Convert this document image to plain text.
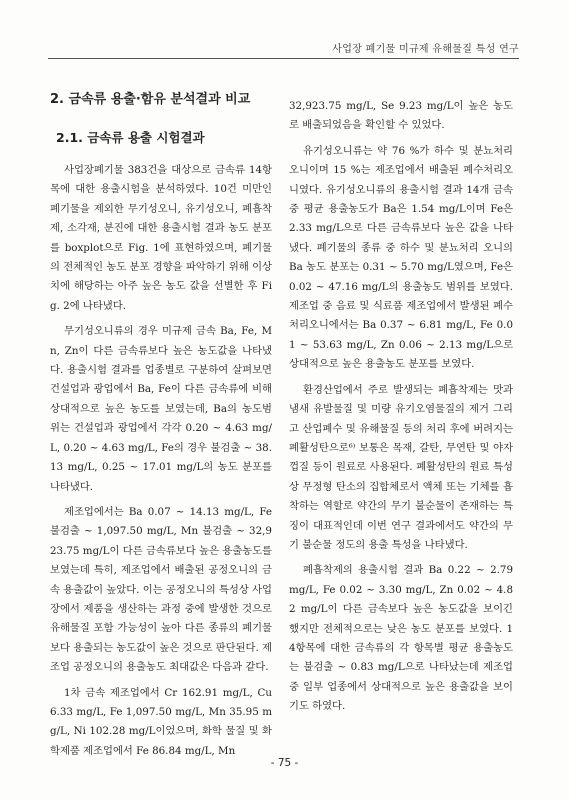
사업장 폐기물 미규제 유해물질 특성 연구
2. 금속류 용출·함유 분석결과 비교
2.1. 금속류 용출 시험결과

사업장폐기물 383건을 대상으로 금속류 14항목에 대한 용출시험을 분석하였다. 10건 미만인 폐기물을 제외한 무기성오니, 유기성오니, 폐흡착제, 소각재, 분진에 대한 용출시험 결과 농도 분포를 boxplot으로 Fig. 1에 표현하였으며, 폐기물의 전체적인 농도 분포 경향을 파악하기 위해 이상치에 해당하는 아주 높은 농도 값을 선별한 후 Fig. 2에 나타냈다.

무기성오니류의 경우 미규제 금속 Ba, Fe, Mn, Zn이 다른 금속류보다 높은 농도값을 나타냈다. 용출시험 결과를 업종별로 구분하여 살펴보면 건설업과 광업에서 Ba, Fe이 다른 금속류에 비해 상대적으로 높은 농도를 보였는데, Ba의 농도범위는 건설업과 광업에서 각각 0.20 ~ 4.63 mg/L, 0.20 ~ 4.63 mg/L, Fe의 경우 불검출 ~ 38.13 mg/L, 0.25 ~ 17.01 mg/L의 농도 분포를 나타냈다.

제조업에서는 Ba 0.07 ~ 14.13 mg/L, Fe 불검출 ~ 1,097.50 mg/L, Mn 불검출 ~ 32,923.75 mg/L이 다른 금속류보다 높은 용출농도를 보였는데 특히, 제조업에서 배출된 공정오니의 금속 용출값이 높았다. 이는 공정오니의 특성상 사업장에서 제품을 생산하는 과정 중에 발생한 것으로 유해물질 포함 가능성이 높아 다른 종류의 폐기물보다 용출되는 농도값이 높은 것으로 판단된다. 제조업 공정오니의 용출농도 최대값은 다음과 같다.

1차 금속 제조업에서 Cr 162.91 mg/L, Cu 6.33 mg/L, Fe 1,097.50 mg/L, Mn 35.95 mg/L, Ni 102.28 mg/L이었으며, 화학 물질 및 화학제품 제조업에서 Fe 86.84 mg/L, Mn

32,923.75 mg/L, Se 9.23 mg/L이 높은 농도로 배출되었음을 확인할 수 있었다.

유기성오니류는 약 76 %가 하수 및 분뇨처리 오니이며 15 %는 제조업에서 배출된 폐수처리오니였다. 유기성오니류의 용출시험 결과 14개 금속 중 평균 용출농도가 Ba은 1.54 mg/L이며 Fe은 2.33 mg/L으로 다른 금속류보다 높은 값을 나타냈다. 폐기물의 종류 중 하수 및 분뇨처리 오니의 Ba 농도 분포는 0.31 ~ 5.70 mg/L였으며, Fe은 0.02 ~ 47.16 mg/L의 용출농도 범위를 보였다. 제조업 중 음료 및 식료품 제조업에서 발생된 폐수처리오니에서는 Ba 0.37 ~ 6.81 mg/L, Fe 0.01 ~ 53.63 mg/L, Zn 0.06 ~ 2.13 mg/L으로 상대적으로 높은 용출농도 분포를 보였다.

환경산업에서 주로 발생되는 폐흡착제는 맛과 냄새 유발물질 및 미량 유기오염물질의 제거 그리고 산업폐수 및 유해물질 등의 처리 후에 버려지는 폐활성탄으로⁶⁾ 보통은 목재, 갈탄, 무연탄 및 야자껍질 등이 원료로 사용된다. 폐활성탄의 원료 특성상 무정형 탄소의 집합체로서 액체 또는 기체를 흡착하는 역할로 약간의 무기 불순물이 존재하는 특징이 대표적인데 이번 연구 결과에서도 약간의 무기 불순물 정도의 용출 특성을 나타냈다.

폐흡착제의 용출시험 결과 Ba 0.22 ~ 2.79 mg/L, Fe 0.02 ~ 3.30 mg/L, Zn 0.02 ~ 4.82 mg/L이 다른 금속보다 높은 농도값을 보이긴 했지만 전체적으로는 낮은 농도 분포를 보였다. 14항목에 대한 금속류의 각 항목별 평균 용출농도는 불검출 ~ 0.83 mg/L으로 나타났는데 제조업 중 일부 업종에서 상대적으로 높은 용출값을 보이기도 하였다.

- 75 -
